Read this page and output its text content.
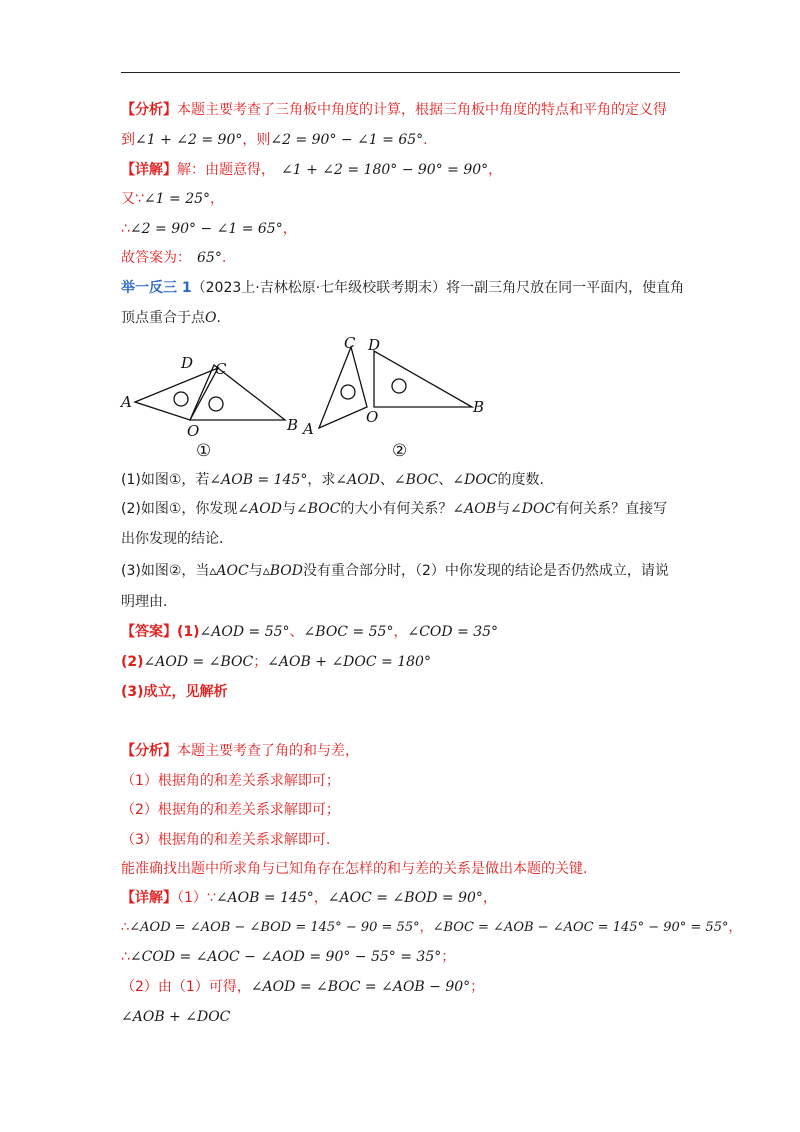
【分析】本题主要考查了三角板中角度的计算，根据三角板中角度的特点和平角的定义得
到∠1 + ∠2 = 90°，则∠2 = 90° − ∠1 = 65°.
【详解】解：由题意得， ∠1 + ∠2 = 180° − 90° = 90°，
又∵∠1 = 25°，
∴∠2 = 90° − ∠1 = 65°，
故答案为： 65°.
举一反三 1（2023上·吉林松原·七年级校联考期末）将一副三角尺放在同一平面内，使直角
顶点重合于点O.
A
D C
O	B
①
C D
O
B
A
②
(1)如图①，若∠AOB = 145°，求∠AOD、∠BOC、∠DOC的度数.
(2)如图①，你发现∠AOD与∠BOC的大小有何关系？∠AOB与∠DOC有何关系？直接写
出你发现的结论.
(3)如图②，当▵AOC与▵BOD没有重合部分时，（2）中你发现的结论是否仍然成立，请说
明理由.
【答案】(1)∠AOD = 55°、∠BOC = 55°，∠COD = 35°
(2)∠AOD = ∠BOC；∠AOB + ∠DOC = 180°
(3)成立，见解析
【分析】本题主要考查了角的和与差，
（1）根据角的和差关系求解即可；
（2）根据角的和差关系求解即可；
（3）根据角的和差关系求解即可.
能准确找出题中所求角与已知角存在怎样的和与差的关系是做出本题的关键.
【详解】（1）∵∠AOB = 145°，∠AOC = ∠BOD = 90°，
∴∠AOD = ∠AOB − ∠BOD = 145° − 90 = 55°，∠BOC = ∠AOB − ∠AOC = 145° − 90° = 55°，
∴∠COD = ∠AOC − ∠AOD = 90° − 55° = 35°；
（2）由（1）可得，∠AOD = ∠BOC = ∠AOB − 90°；
∠AOB + ∠DOC
